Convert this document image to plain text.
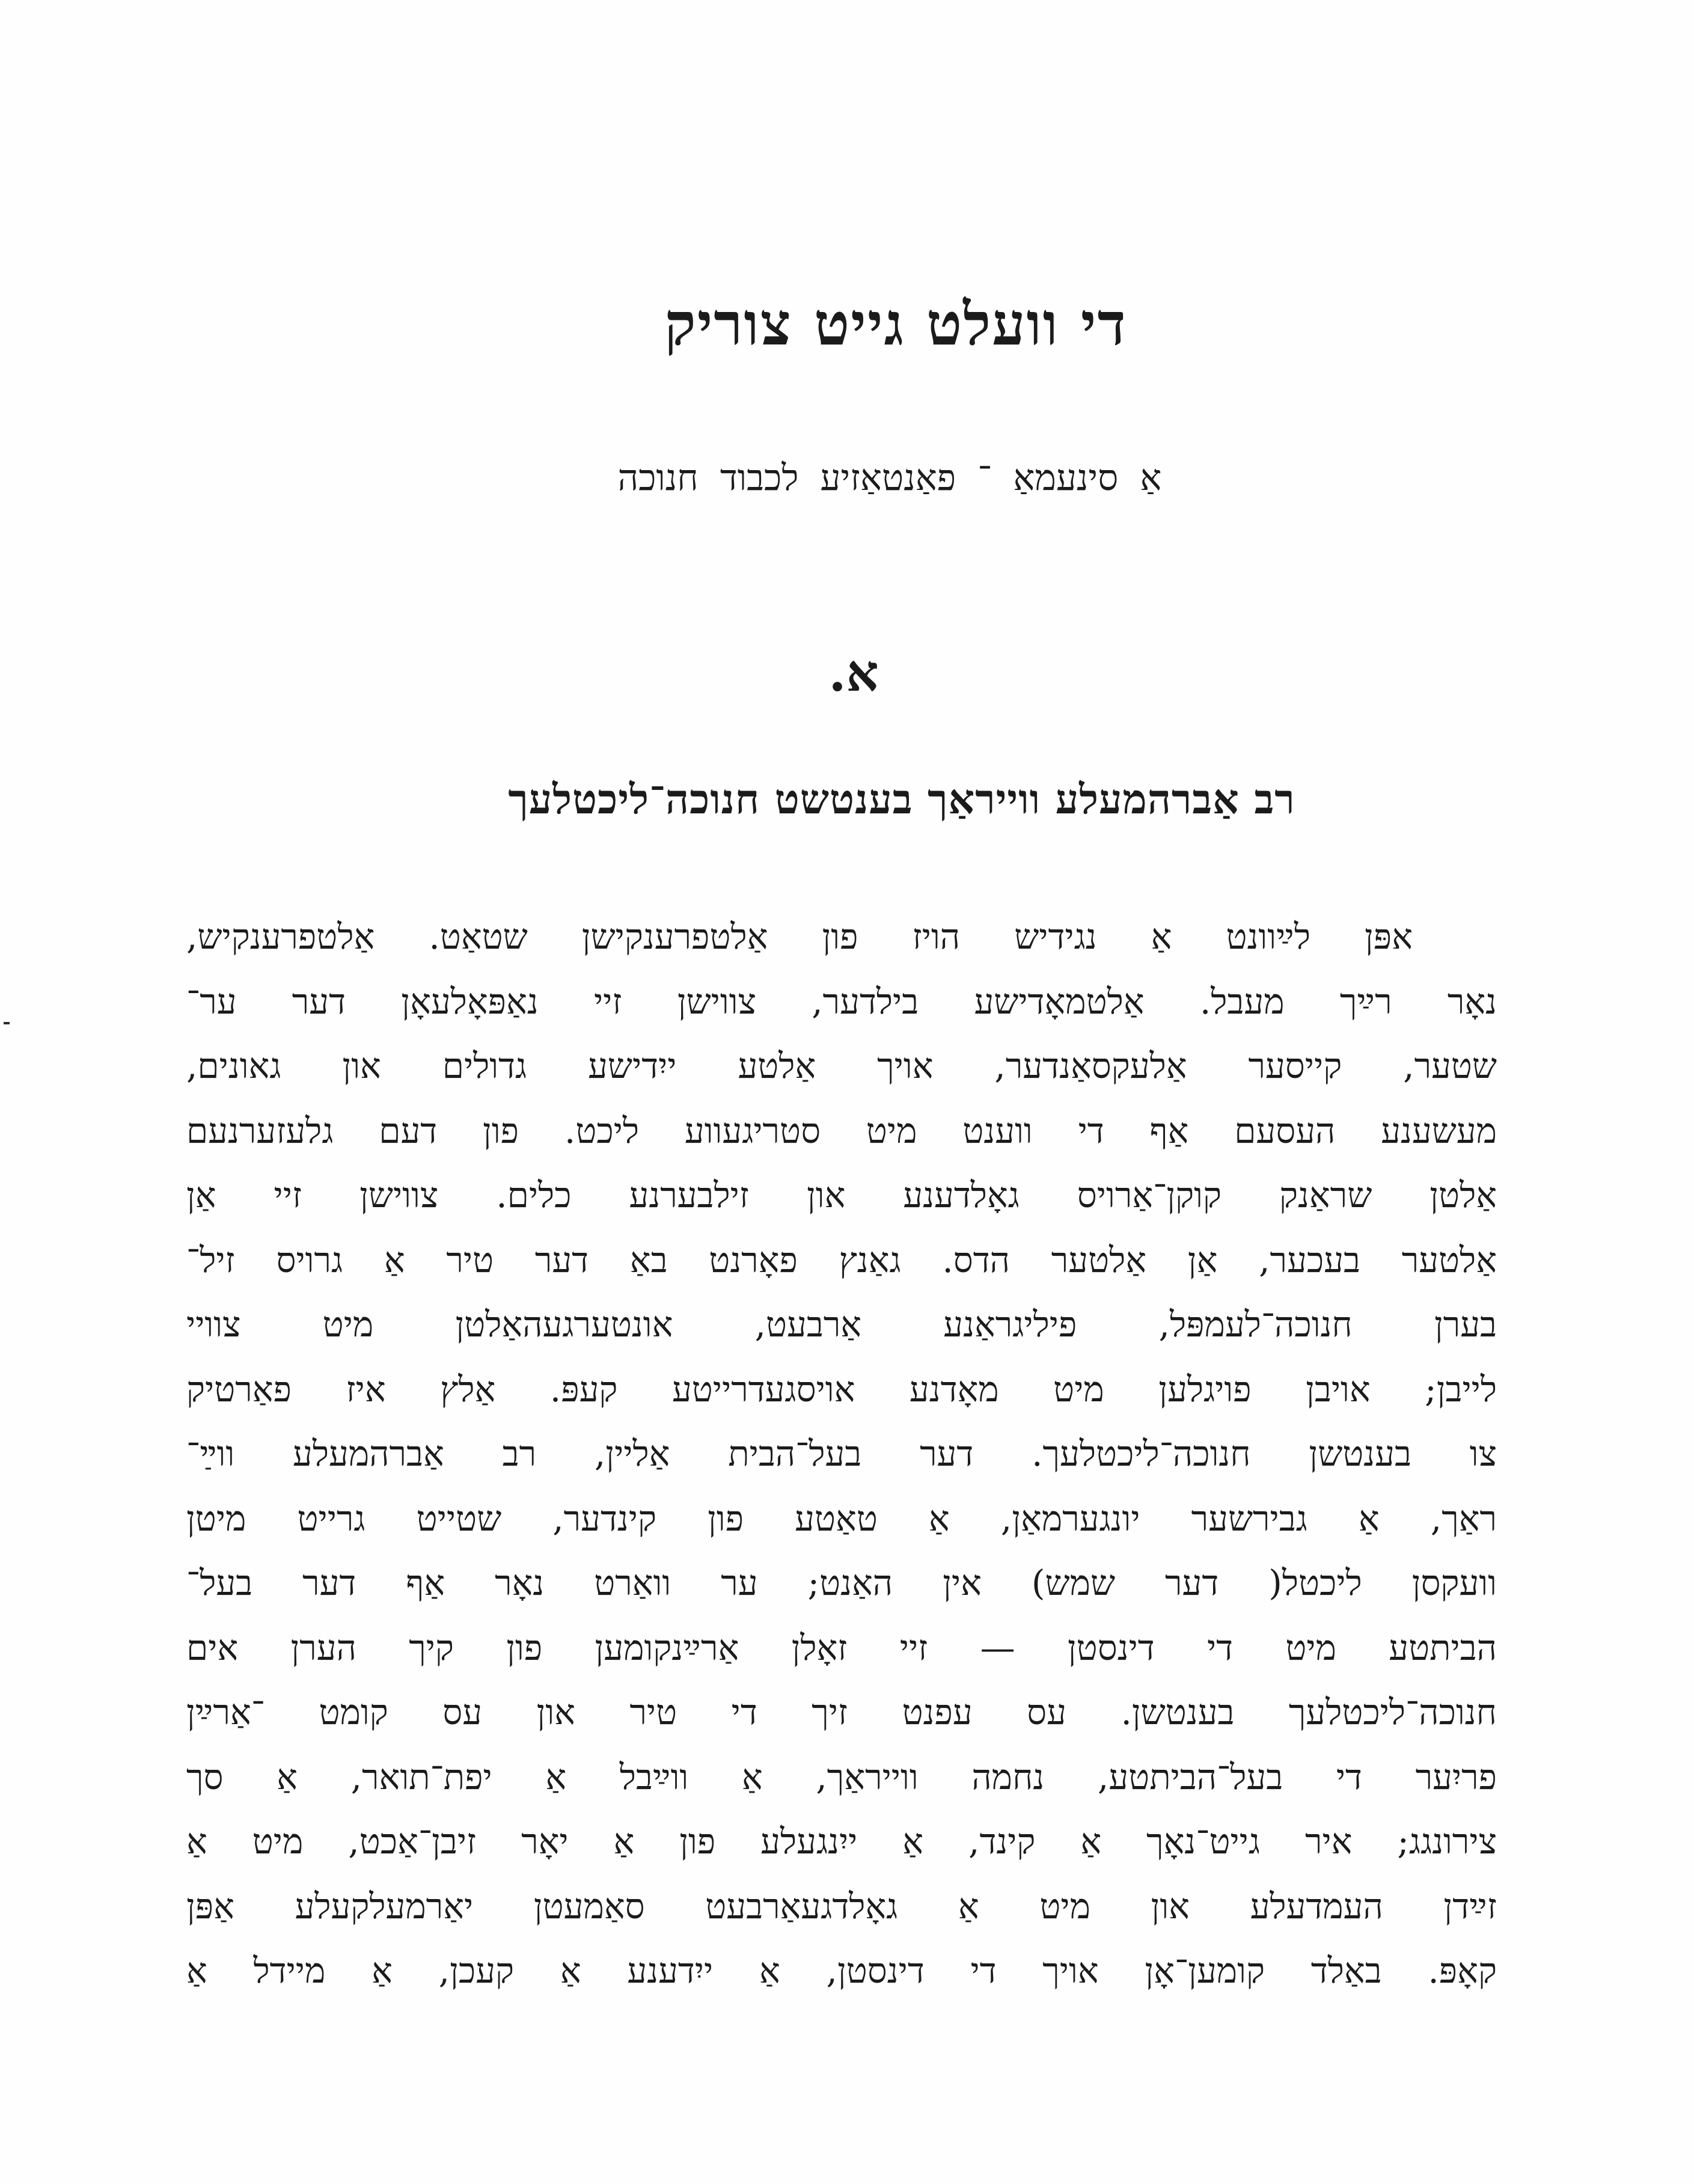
די וועלט גייט צוריק
אַ סינעמאַ ־ פאַנטאַזיע לכבוד חנוכה
א.
רב אַברהמעלע ווייראַך בענטשט חנוכה־ליכטלעך
אפּן לײַוונט אַ נגידיש הויז פון אַלטפרענקישן שטאַט. אַלטפרענקיש,
נאָר רײַך מעבל. אַלטמאָדישע בילדער, צווישן זיי נאַפּאָלעאָן דער ער־
שטער, קייסער אַלעקסאַנדער, אויך אַלטע ייִדישע גדולים און גאונים,
מעשענע העסעם אַף די ווענט מיט סטריגעווע ליכט. פון דעם גלעזערנעם
אַלטן שראַנק קוקן־אַרויס גאָלדענע און זילבערנע כלים. צווישן זיי אַן
אַלטער בעכער, אַן אַלטער הדס. גאַנץ פאָרנט באַ דער טיר אַ גרויס זיל־
בערן חנוכה־לעמפּל, פיליגראַנע אַרבעט, אונטערגעהאַלטן מיט צוויי
לייבן; אויבן פויגלען מיט מאָדנע אויסגעדרייטע קעפּ. אַלץ איז פאַרטיק
צו בענטשן חנוכה־ליכטלעך. דער בעל־הבית אַליין, רב אַברהמעלע ווײַ־
ראַך, אַ גבירשער יונגערמאַן, אַ טאַטע פון קינדער, שטייט גרייט מיטן
וועקסן ליכטל( דער שמש) אין האַנט; ער וואַרט נאָר אַף דער בעל־
הביתטע מיט די דינסטן — זיי זאָלן אַרײַנקומען פון קיך הערן אים
חנוכה־ליכטלעך בענטשן. עס עפנט זיך די טיר און עס קומט ־אַרײַן
פריִער די בעל־הביתטע, נחמה ווייראַך, אַ ווײַבל אַ יפת־תואר, אַ סך
צירונגג; איר גייט־נאָך אַ קינד, אַ ייִנגעלע פון אַ יאָר זיבן־אַכט, מיט אַ
זײַדן העמדעלע און מיט אַ גאָלדגעאַרבעט סאַמעטן יאַרמעלקעלע אַפּן
קאָפּ. באַלד קומען־אָן אויך די דינסטן, אַ ייִדענע אַ קעכן, אַ מיידל אַ
